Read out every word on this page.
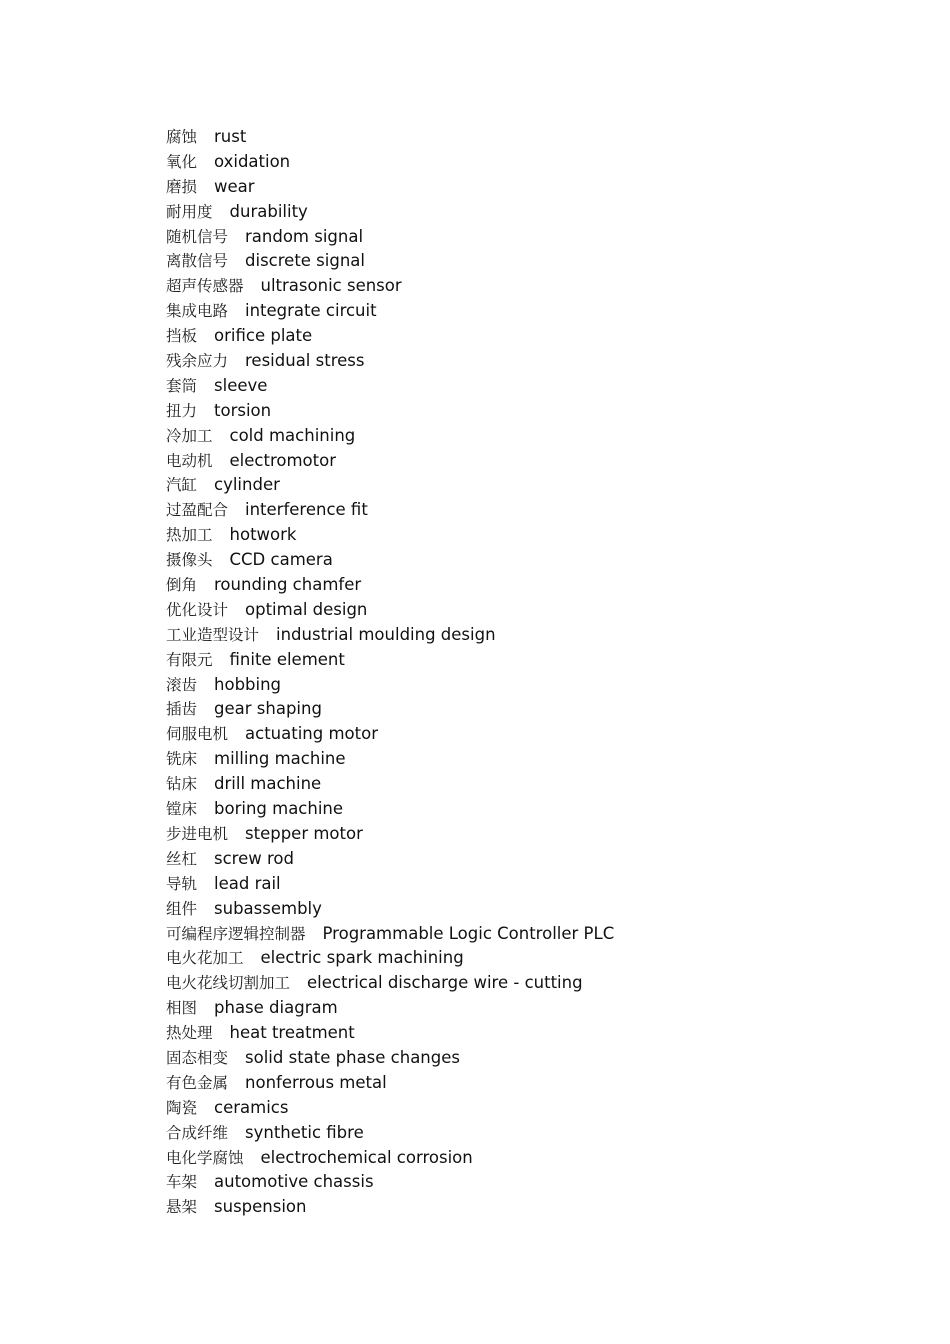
腐蚀 rust
氧化 oxidation
磨损 wear
耐用度 durability
随机信号 random signal
离散信号 discrete signal
超声传感器 ultrasonic sensor
集成电路 integrate circuit
挡板 orifice plate
残余应力 residual stress
套筒 sleeve
扭力 torsion
冷加工 cold machining
电动机 electromotor
汽缸 cylinder
过盈配合 interference fit
热加工 hotwork
摄像头 CCD camera
倒角 rounding chamfer
优化设计 optimal design
工业造型设计 industrial moulding design
有限元 finite element
滚齿 hobbing
插齿 gear shaping
伺服电机 actuating motor
铣床 milling machine
钻床 drill machine
镗床 boring machine
步进电机 stepper motor
丝杠 screw rod
导轨 lead rail
组件 subassembly
可编程序逻辑控制器 Programmable Logic Controller PLC
电火花加工 electric spark machining
电火花线切割加工 electrical discharge wire - cutting
相图 phase diagram
热处理 heat treatment
固态相变 solid state phase changes
有色金属 nonferrous metal
陶瓷 ceramics
合成纤维 synthetic fibre
电化学腐蚀 electrochemical corrosion
车架 automotive chassis
悬架 suspension
